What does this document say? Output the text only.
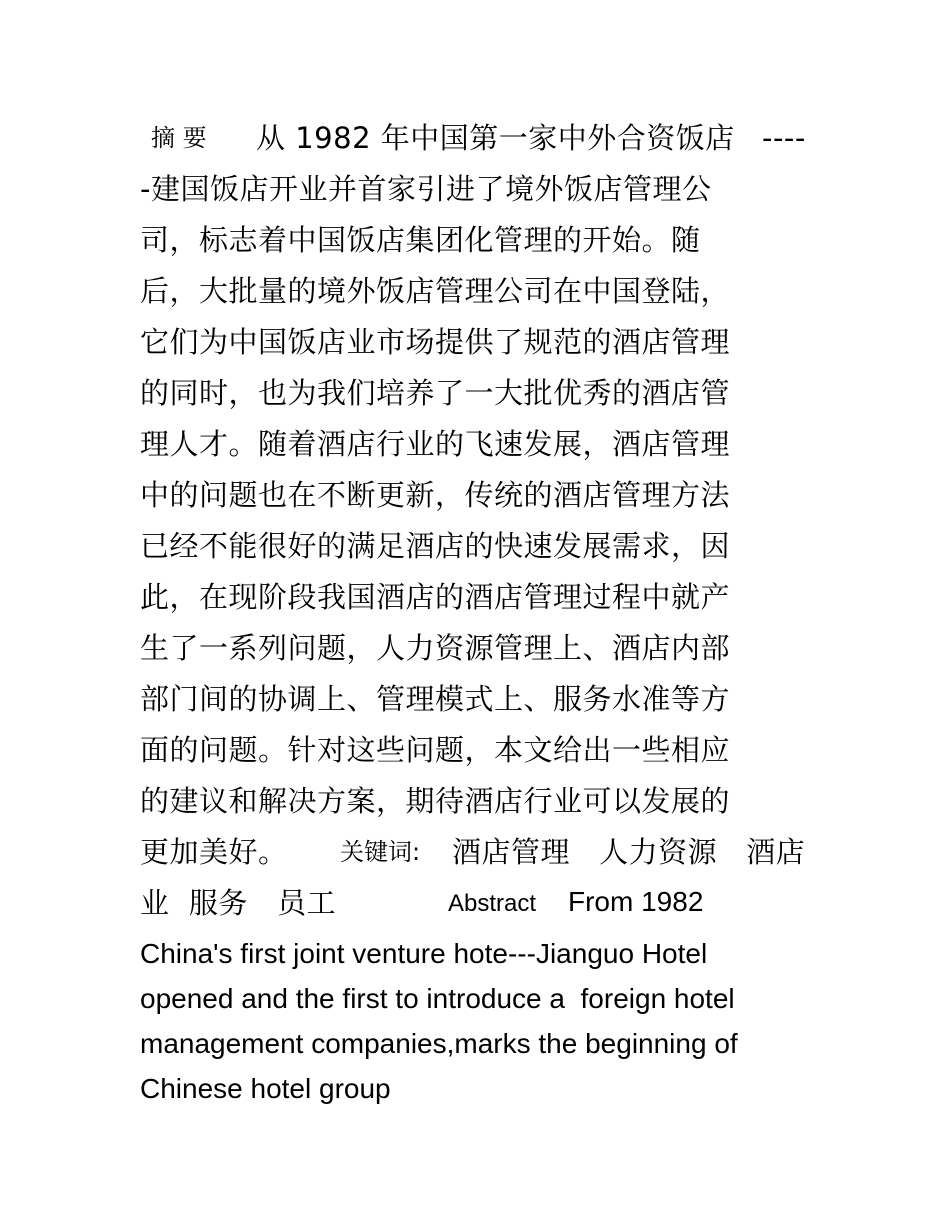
摘 要 从 1982 年中国第一家中外合资饭店 ----
-建国饭店开业并首家引进了境外饭店管理公
司，标志着中国饭店集团化管理的开始。随
后，大批量的境外饭店管理公司在中国登陆，
它们为中国饭店业市场提供了规范的酒店管理
的同时，也为我们培养了一大批优秀的酒店管
理人才。随着酒店行业的飞速发展，酒店管理
中的问题也在不断更新，传统的酒店管理方法
已经不能很好的满足酒店的快速发展需求，因
此，在现阶段我国酒店的酒店管理过程中就产
生了一系列问题，人力资源管理上、酒店内部
部门间的协调上、管理模式上、服务水准等方
面的问题。针对这些问题，本文给出一些相应
的建议和解决方案，期待酒店行业可以发展的
更加美好。 关键词: 酒店管理   人力资源   酒店
业  服务   员工	Abstract From 1982
China's first joint venture hote---Jianguo Hotel
opened and the first to introduce a  foreign hotel
management companies,marks the beginning of
Chinese hotel group
